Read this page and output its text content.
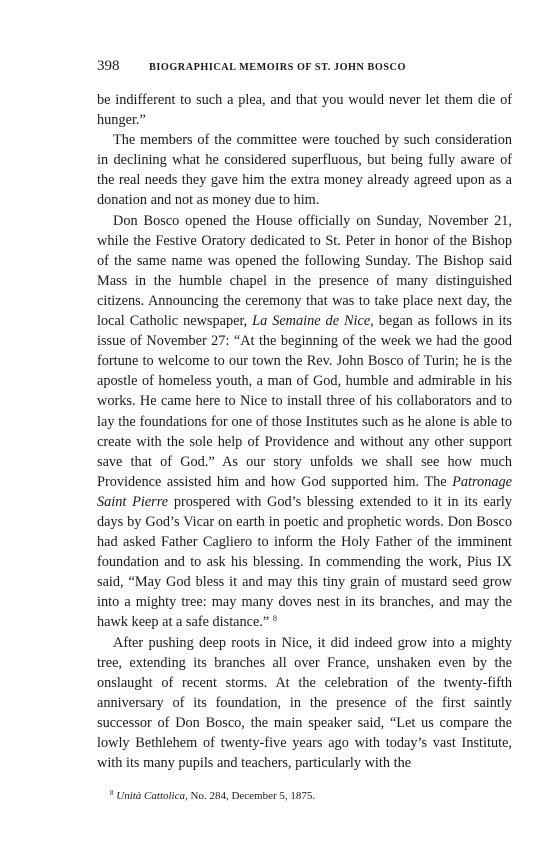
398	BIOGRAPHICAL MEMOIRS OF ST. JOHN BOSCO

be indifferent to such a plea, and that you would never let them die of hunger.”

The members of the committee were touched by such consideration in declining what he considered superfluous, but being fully aware of the real needs they gave him the extra money already agreed upon as a donation and not as money due to him.

Don Bosco opened the House officially on Sunday, November 21, while the Festive Oratory dedicated to St. Peter in honor of the Bishop of the same name was opened the following Sunday. The Bishop said Mass in the humble chapel in the presence of many distinguished citizens. Announcing the ceremony that was to take place next day, the local Catholic newspaper, La Semaine de Nice, began as follows in its issue of November 27: “At the beginning of the week we had the good fortune to welcome to our town the Rev. John Bosco of Turin; he is the apostle of homeless youth, a man of God, humble and admirable in his works. He came here to Nice to install three of his collaborators and to lay the foundations for one of those Institutes such as he alone is able to create with the sole help of Providence and without any other support save that of God.” As our story unfolds we shall see how much Providence assisted him and how God supported him. The Patronage Saint Pierre prospered with God’s blessing extended to it in its early days by God’s Vicar on earth in poetic and prophetic words. Don Bosco had asked Father Cagliero to inform the Holy Father of the imminent foundation and to ask his blessing. In commending the work, Pius IX said, “May God bless it and may this tiny grain of mustard seed grow into a mighty tree: may many doves nest in its branches, and may the hawk keep at a safe distance.” $^8$

After pushing deep roots in Nice, it did indeed grow into a mighty tree, extending its branches all over France, unshaken even by the onslaught of recent storms. At the celebration of the twenty-fifth anniversary of its foundation, in the presence of the first saintly successor of Don Bosco, the main speaker said, “Let us compare the lowly Bethlehem of twenty-five years ago with today’s vast Institute, with its many pupils and teachers, particularly with the

$^8$ Unità Cattolica, No. 284, December 5, 1875.
